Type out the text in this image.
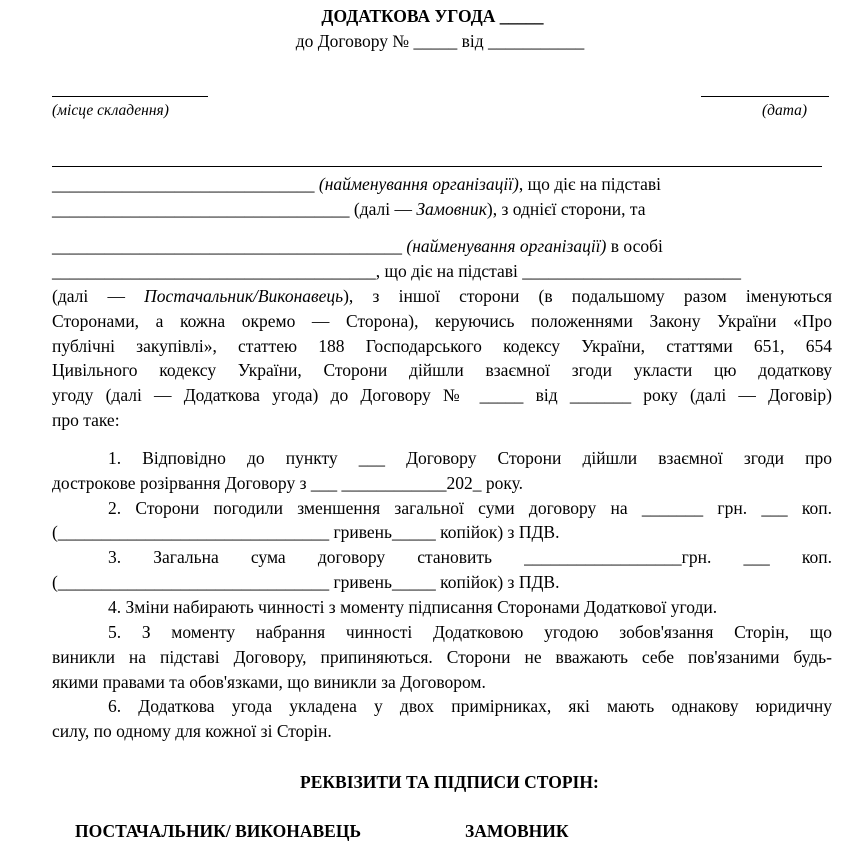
ДОДАТКОВА УГОДА _____
до Договору № _____ від ___________
(місце складення)	(дата)
______________________________ (найменування організації), що діє на підставі
__________________________________ (далі — Замовник), з однієї сторони, та
________________________________________ (найменування організації) в особі
_____________________________________, що діє на підставі _________________________
(далі — Постачальник/Виконавець), з іншої сторони (в подальшому разом іменуються
Сторонами, а кожна окремо — Сторона), керуючись положеннями Закону України «Про
публічні закупівлі», статтею 188 Господарського кодексу України, статтями 651, 654
Цивільного кодексу України, Сторони дійшли взаємної згоди укласти цю додаткову
угоду (далі — Додаткова угода) до Договору № _____ від _______ року (далі — Договір)
про таке:
1. Відповідно до пункту ___ Договору Сторони дійшли взаємної згоди про
дострокове розірвання Договору з ___ ____________202_ року.
2. Сторони погодили зменшення загальної суми договору на _______ грн. ___ коп.
(_______________________________ гривень_____ копійок) з ПДВ.
3. Загальна сума договору становить __________________грн. ___ коп.
(_______________________________ гривень_____ копійок) з ПДВ.
4. Зміни набирають чинності з моменту підписання Сторонами Додаткової угоди.
5. З моменту набрання чинності Додатковою угодою зобов'язання Сторін, що
виникли на підставі Договору, припиняються. Сторони не вважають себе пов'язаними будь-
якими правами та обов'язками, що виникли за Договором.
6. Додаткова угода укладена у двох примірниках, які мають однакову юридичну
силу, по одному для кожної зі Сторін.
РЕКВІЗИТИ ТА ПІДПИСИ СТОРІН:
ПОСТАЧАЛЬНИК/ ВИКОНАВЕЦЬ	ЗАМОВНИК
